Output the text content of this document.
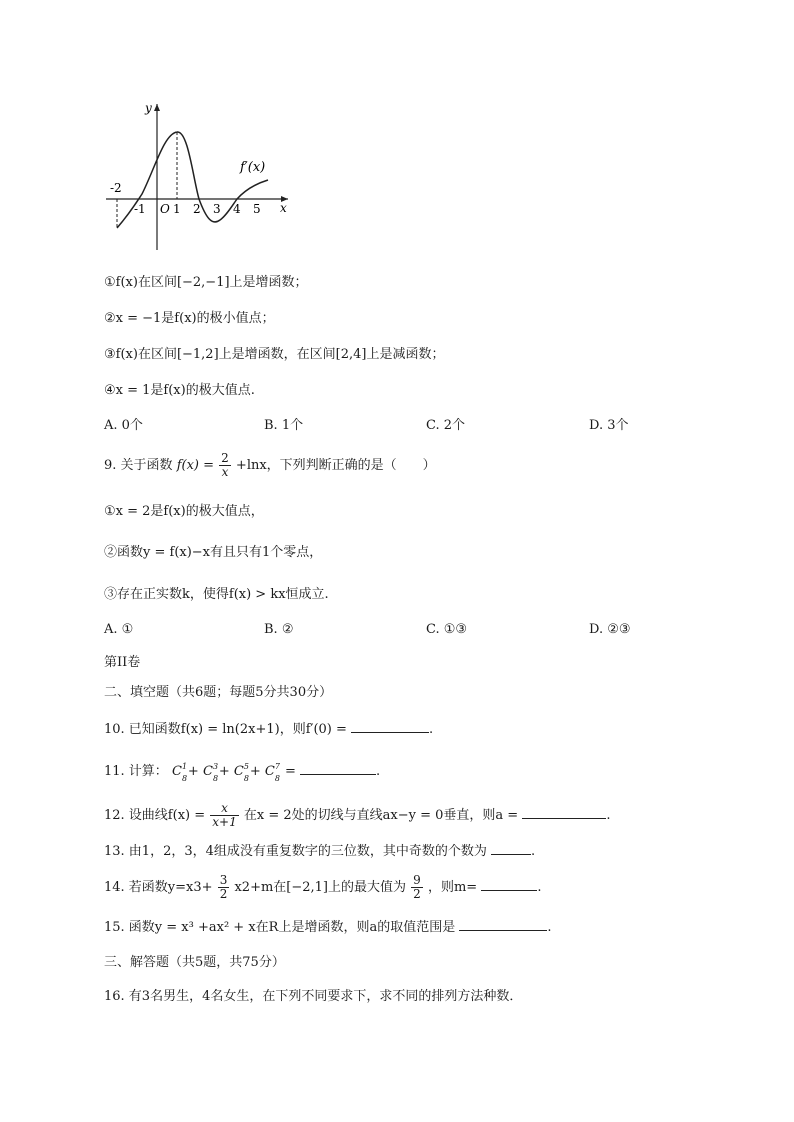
y
x
O
f′(x)
-2
-1 1 2 3 4 5
①f(x)在区间[−2,−1]上是增函数；
②x = −1是f(x)的极小值点；
③f(x)在区间[−1,2]上是增函数，在区间[2,4]上是减函数；
④x = 1是f(x)的极大值点.
A. 0个	B. 1个	C. 2个	D. 3个
9. 关于函数 $f(x) = \frac{2}{x} +\ln x$，下列判断正确的是（　　）
①x = 2是f(x)的极大值点，
②函数y = f(x)−x有且只有1个零点，
③存在正实数k，使得f(x) > kx恒成立.
A. ①	B. ②	C. ①③	D. ②③
第II卷
二、填空题（共6题；每题5分共30分）
10. 已知函数f(x) = ln(2x+1)，则f′(0) =	.
11. 计算： C 1
8 + C 3
8 + C 5
8 + C 7
8 =	.
12. 设曲线$f(x) = \frac{x}{x+1}$ 在x = 2处的切线与直线ax−y = 0垂直，则a =	.
13. 由1，2，3，4组成没有重复数字的三位数，其中奇数的个数为	.
14. 若函数$y=x3+ \frac{3}{2} x2+m$在[−2,1]上的最大值为 $\frac{9}{2}$ ，则m=	.
15. 函数y = x³ +ax² + x在R上是增函数，则a的取值范围是	.
三、解答题（共5题，共75分）
16. 有3名男生，4名女生，在下列不同要求下，求不同的排列方法种数．
